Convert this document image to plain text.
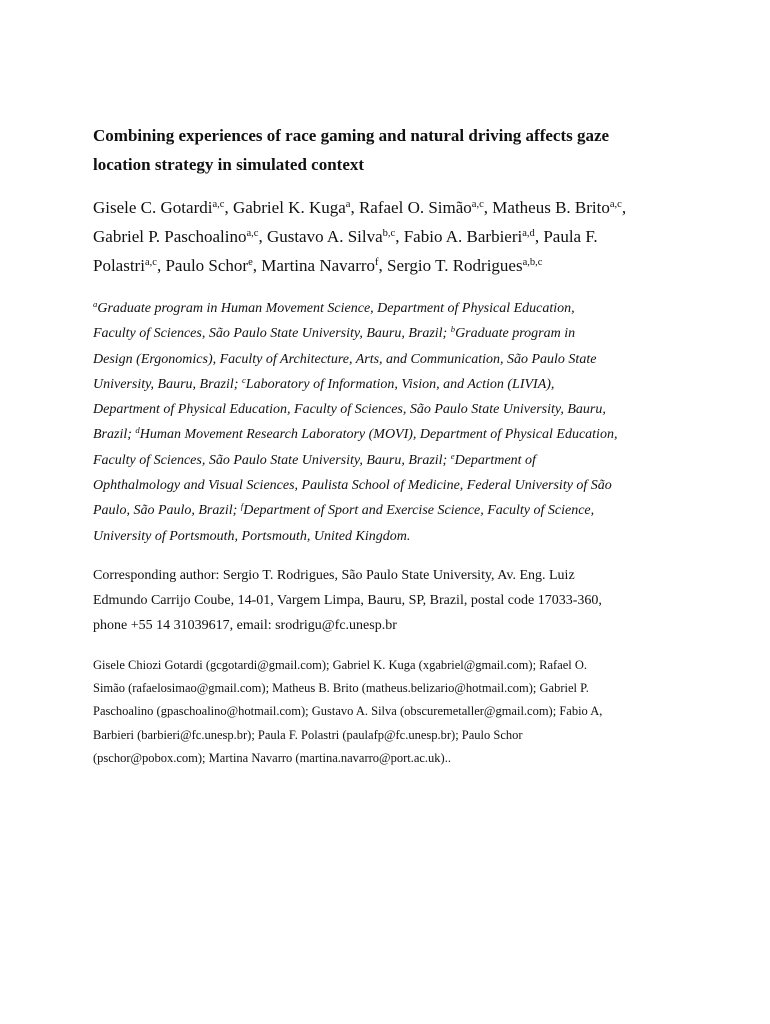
Combining experiences of race gaming and natural driving affects gaze
location strategy in simulated context
Gisele C. Gotardi$^{a,c}$, Gabriel K. Kuga$^a$, Rafael O. Simão$^{a,c}$, Matheus B. Brito$^{a,c}$,
Gabriel P. Paschoalino$^{a,c}$, Gustavo A. Silva$^{b,c}$, Fabio A. Barbieri$^{a,d}$, Paula F.
Polastri$^{a,c}$, Paulo Schor$^e$, Martina Navarro$^f$, Sergio T. Rodrigues$^{a,b,c}$
$^a$Graduate program in Human Movement Science, Department of Physical Education,
Faculty of Sciences, São Paulo State University, Bauru, Brazil; $^b$Graduate program in
Design (Ergonomics), Faculty of Architecture, Arts, and Communication, São Paulo State
University, Bauru, Brazil; $^c$Laboratory of Information, Vision, and Action (LIVIA),
Department of Physical Education, Faculty of Sciences, São Paulo State University, Bauru,
Brazil; $^d$Human Movement Research Laboratory (MOVI), Department of Physical Education,
Faculty of Sciences, São Paulo State University, Bauru, Brazil; $^e$Department of
Ophthalmology and Visual Sciences, Paulista School of Medicine, Federal University of São
Paulo, São Paulo, Brazil; $^f$Department of Sport and Exercise Science, Faculty of Science,
University of Portsmouth, Portsmouth, United Kingdom.
Corresponding author: Sergio T. Rodrigues, São Paulo State University, Av. Eng. Luiz
Edmundo Carrijo Coube, 14-01, Vargem Limpa, Bauru, SP, Brazil, postal code 17033-360,
phone +55 14 31039617, email: srodrigu@fc.unesp.br
Gisele Chiozi Gotardi (gcgotardi@gmail.com); Gabriel K. Kuga (xgabriel@gmail.com); Rafael O.
Simão (rafaelosimao@gmail.com); Matheus B. Brito (matheus.belizario@hotmail.com); Gabriel P.
Paschoalino (gpaschoalino@hotmail.com); Gustavo A. Silva (obscuremetaller@gmail.com); Fabio A,
Barbieri (barbieri@fc.unesp.br); Paula F. Polastri (paulafp@fc.unesp.br); Paulo Schor
(pschor@pobox.com); Martina Navarro (martina.navarro@port.ac.uk)..
